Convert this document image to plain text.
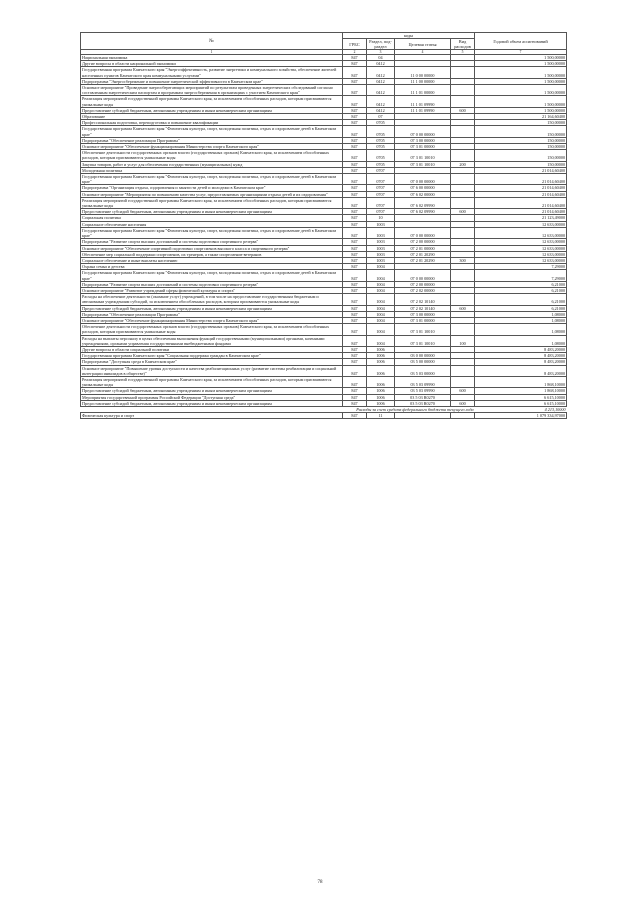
№	коды				Годовой объем ассигнований
	ГРБС	Раздел, под-раздел	Целевая статья	Вид расходов	
1	2	3	4	5	7
Национальная экономика	847	04			1 500,00000
Другие вопросы в области национальной экономики	847	0412			1 500,00000
Государственная программа Камчатского края "Энергоэффективность, развитие энергетики и коммунального хозяйства, обеспечение жителей населенных пунктов Камчатского края коммунальными услугами"	847	0412	11 0 00 00000		1 500,00000
Подпрограмма "Энергосбережение и повышение энергетической эффективности в Камчатском крае"	847	0412	11 1 00 00000		1 500,00000
Основное мероприятие "Проведение энергосберегающих мероприятий по результатам проведенных энергетических обследований согласно составленным энергетическим паспортам и программам энергосбережения в организациях с участием Камчатского края"	847	0412	11 1 01 00000		1 500,00000
Реализация мероприятий государственной программы Камчатского края, за исключением обособленных расходов, которым присваиваются уникальные коды	847	0412	11 1 01 09990		1 500,00000
Предоставление субсидий бюджетным, автономным учреждениям и иным некоммерческим организациям	847	0412	11 1 01 09990	600	1 500,00000
Образование	847	07			21 164,60400
Профессиональная подготовка, переподготовка и повышение квалификации	847	0705			150,00000
Государственная программа Камчатского края "Физическая культура, спорт, молодежная политика, отдых и оздоровление детей в Камчатском крае"	847	0705	07 0 00 00000		150,00000
Подпрограмма "Обеспечение реализации Программы"	847	0705	07 3 00 00000		150,00000
Основное мероприятие "Обеспечение функционирования Министерства спорта Камчатского края"	847	0705	07 3 01 00000		150,00000
Обеспечение деятельности государственных органов власти (государственных органов) Камчатского края, за исключением обособленных расходов, которым присваиваются уникальные коды	847	0705	07 3 01 10010		150,00000
Закупка товаров, работ и услуг для обеспечения государственных (муниципальных) нужд	847	0705	07 3 01 10010	200	150,00000
Молодежная политика	847	0707			21 014,60400
Государственная программа Камчатского края "Физическая культура, спорт, молодежная политика, отдых и оздоровление детей в Камчатском крае"	847	0707	07 0 00 00000		21 014,60400
Подпрограмма "Организация отдыха, оздоровления и занятости детей и молодежи в Камчатском крае"	847	0707	07 6 00 00000		21 014,60400
Основное мероприятие "Мероприятия по повышению качества услуг, предоставляемых организациями отдыха детей и их оздоровления"	847	0707	07 6 02 00000		21 014,60400
Реализация мероприятий государственной программы Камчатского края, за исключением обособленных расходов, которым присваиваются уникальные коды	847	0707	07 6 02 09990		21 014,60400
Предоставление субсидий бюджетным, автономным учреждениям и иным некоммерческим организациям	847	0707	07 6 02 09990	600	21 014,60400
Социальная политика	847	10			21 123,49000
Социальное обеспечение населения	847	1003			12 633,00000
Государственная программа Камчатского края "Физическая культура, спорт, молодежная политика, отдых и оздоровление детей в Камчатском крае"	847	1003	07 0 00 00000		12 633,00000
Подпрограмма "Развитие спорта высших достижений и системы подготовки спортивного резерва"	847	1003	07 2 00 00000		12 633,00000
Основное мероприятие "Обеспечение спортивной подготовки спортсменов высокого класса и спортивного резерва"	847	1003	07 2 01 00000		12 633,00000
Обеспечение мер социальной поддержки спортсменов, их тренеров, а также спортсменов-ветеранов	847	1003	07 2 01 20290		12 633,00000
Социальное обеспечение и иные выплаты населению	847	1003	07 2 01 20290	300	12 633,00000
Охрана семьи и детства	847	1004			7,29000
Государственная программа Камчатского края "Физическая культура, спорт, молодежная политика, отдых и оздоровление детей в Камчатском крае"	847	1004	07 0 00 00000		7,29000
Подпрограмма "Развитие спорта высших достижений и системы подготовки спортивного резерва"	847	1004	07 2 00 00000		6,21000
Основное мероприятие "Развитие учреждений сферы физической культуры и спорта"	847	1004	07 2 02 00000		6,21000
Расходы на обеспечение деятельности (оказание услуг) учреждений, в том числе на предоставление государственным бюджетным и автономным учреждениям субсидий, за исключением обособленных расходов, которым присваиваются уникальные коды	847	1004	07 2 02 10140		6,21000
Предоставление субсидий бюджетным, автономным учреждениям и иным некоммерческим организациям	847	1004	07 2 02 10140	600	6,21000
Подпрограмма "Обеспечение реализации Программы"	847	1004	07 3 00 00000		1,08000
Основное мероприятие "Обеспечение функционирования Министерства спорта Камчатского края"	847	1004	07 3 01 00000		1,08000
Обеспечение деятельности государственных органов власти (государственных органов) Камчатского края, за исключением обособленных расходов, которым присваиваются уникальные коды	847	1004	07 3 01 10010		1,08000
Расходы на выплаты персоналу в целях обеспечения выполнения функций государственными (муниципальными) органами, казенными учреждениями, органами управления государственными внебюджетными фондами	847	1004	07 3 01 10010	100	1,08000
Другие вопросы в области социальной политики	847	1006			8 483,20000
Государственная программа Камчатского края "Социальная поддержка граждан в Камчатском крае"	847	1006	03 0 00 00000		8 483,20000
Подпрограмма "Доступная среда в Камчатском крае"	847	1006	03 5 00 00000		8 483,20000
Основное мероприятие "Повышение уровня доступности и качества реабилитационных услуг (развитие системы реабилитации и социальной интеграции инвалидов в обществе)"	847	1006	03 5 03 00000		8 483,20000
Реализация мероприятий государственной программы Камчатского края, за исключением обособленных расходов, которым присваиваются уникальные коды	847	1006	03 5 03 09990		1 868,10000
Предоставление субсидий бюджетным, автономным учреждениям и иным некоммерческим организациям	847	1006	03 5 03 09990	600	1 868,10000
Мероприятия государственной программы Российской Федерации "Доступная среда"	847	1006	03 5 03 R0270		6 615,10000
Предоставление субсидий бюджетным, автономным учреждениям и иным некоммерческим организациям	847	1006	03 5 03 R0270	600	6 615,10000
Расходы за счет средств федерального бюджета текущего года					4 213,10000
Физическая культура и спорт	847	11			1 079 334,97000
78
